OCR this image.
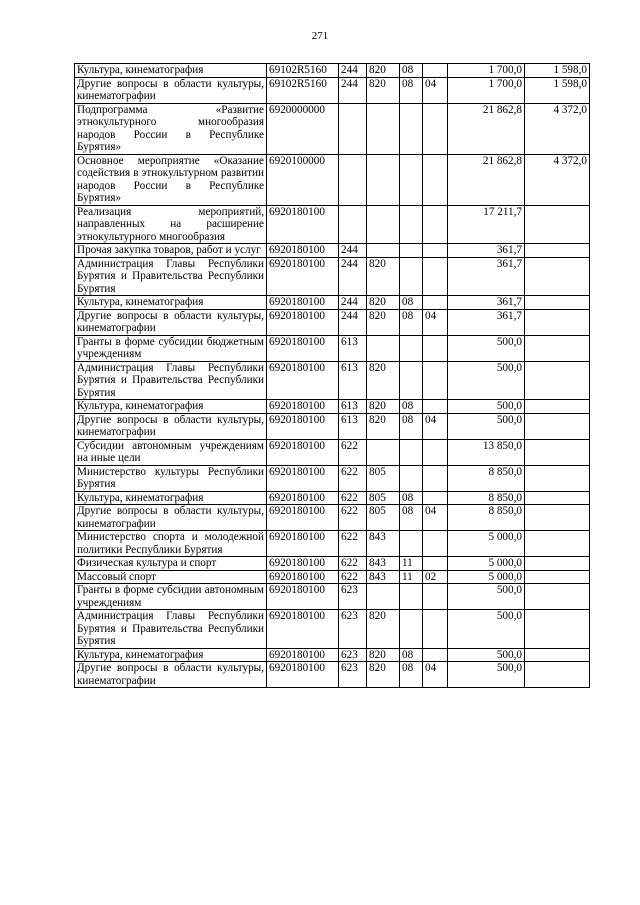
271
Культура, кинематография	69102R5160	244	820	08		1 700,0	1 598,0
Другие вопросы в области культуры, кинематографии	69102R5160	244	820	08	04	1 700,0	1 598,0
Подпрограмма «Развитие этнокультурного многообразия народов России в Республике Бурятия»	6920000000					21 862,8	4 372,0
Основное мероприятие «Оказание содействия в этнокультурном развитии народов России в Республике Бурятия»	6920100000					21 862,8	4 372,0
Реализация мероприятий, направленных на расширение этнокультурного многообразия	6920180100					17 211,7	
Прочая закупка товаров, работ и услуг	6920180100	244				361,7	
Администрация Главы Республики Бурятия и Правительства Республики Бурятия	6920180100	244	820			361,7	
Культура, кинематография	6920180100	244	820	08		361,7	
Другие вопросы в области культуры, кинематографии	6920180100	244	820	08	04	361,7	
Гранты в форме субсидии бюджетным учреждениям	6920180100	613				500,0	
Администрация Главы Республики Бурятия и Правительства Республики Бурятия	6920180100	613	820			500,0	
Культура, кинематография	6920180100	613	820	08		500,0	
Другие вопросы в области культуры, кинематографии	6920180100	613	820	08	04	500,0	
Субсидии автономным учреждениям на иные цели	6920180100	622				13 850,0	
Министерство культуры Республики Бурятия	6920180100	622	805			8 850,0	
Культура, кинематография	6920180100	622	805	08		8 850,0	
Другие вопросы в области культуры, кинематографии	6920180100	622	805	08	04	8 850,0	
Министерство спорта и молодежной политики Республики Бурятия	6920180100	622	843			5 000,0	
Физическая культура и спорт	6920180100	622	843	11		5 000,0	
Массовый спорт	6920180100	622	843	11	02	5 000,0	
Гранты в форме субсидии автономным учреждениям	6920180100	623				500,0	
Администрация Главы Республики Бурятия и Правительства Республики Бурятия	6920180100	623	820			500,0	
Культура, кинематография	6920180100	623	820	08		500,0	
Другие вопросы в области культуры, кинематографии	6920180100	623	820	08	04	500,0	
